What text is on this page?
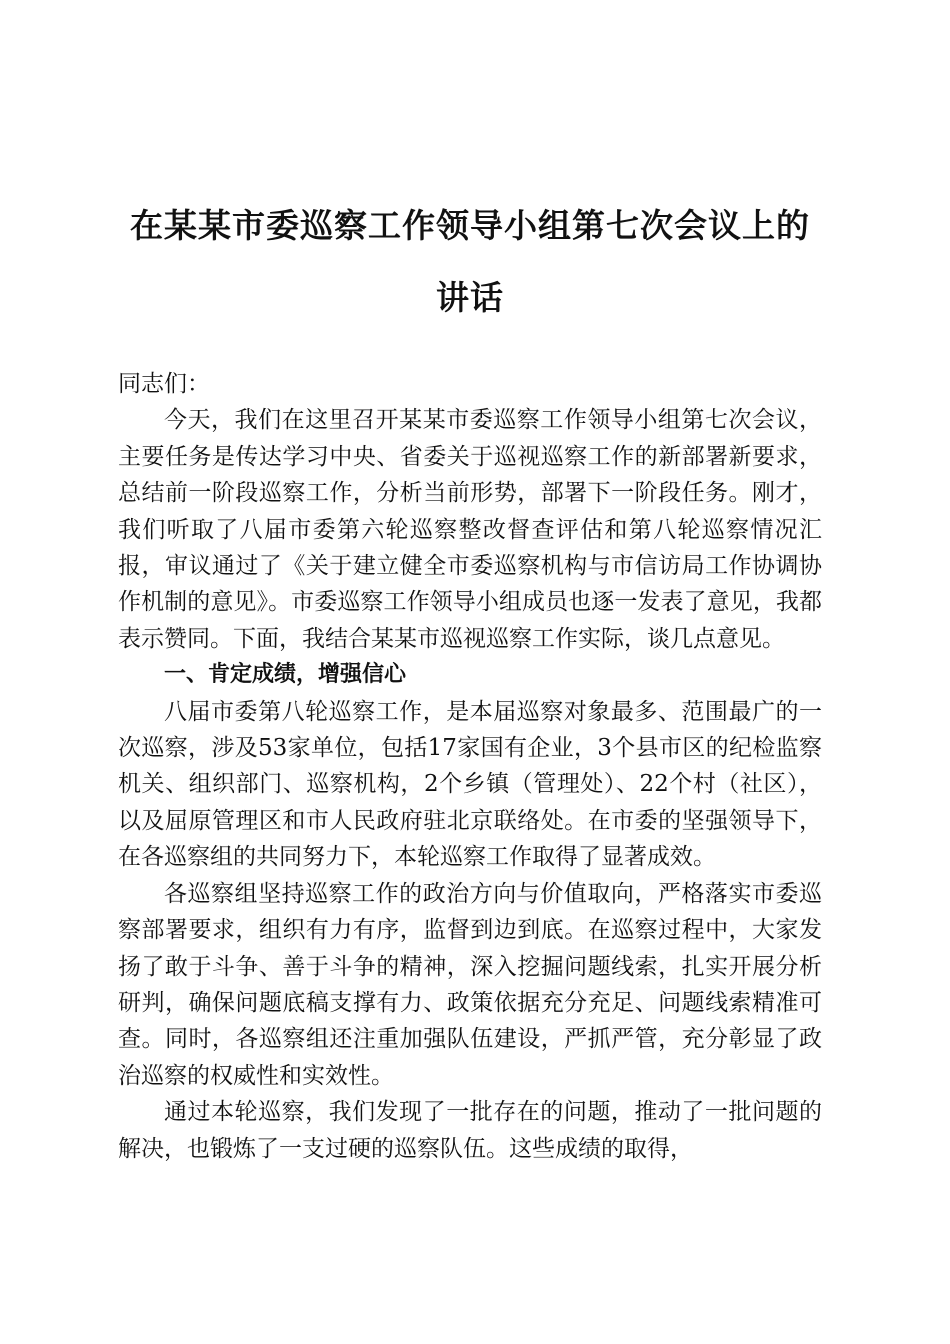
在某某市委巡察工作领导小组第七次会议上的
讲话

同志们：

今天，我们在这里召开某某市委巡察工作领导小组第七次会议，主要任务是传达学习中央、省委关于巡视巡察工作的新部署新要求，总结前一阶段巡察工作，分析当前形势，部署下一阶段任务。刚才，我们听取了八届市委第六轮巡察整改督查评估和第八轮巡察情况汇报，审议通过了《关于建立健全市委巡察机构与市信访局工作协调协作机制的意见》。市委巡察工作领导小组成员也逐一发表了意见，我都表示赞同。下面，我结合某某市巡视巡察工作实际，谈几点意见。

一、肯定成绩，增强信心

八届市委第八轮巡察工作，是本届巡察对象最多、范围最广的一次巡察，涉及53家单位，包括17家国有企业，3个县市区的纪检监察机关、组织部门、巡察机构，2个乡镇（管理处）、22个村（社区），以及屈原管理区和市人民政府驻北京联络处。在市委的坚强领导下，在各巡察组的共同努力下，本轮巡察工作取得了显著成效。

各巡察组坚持巡察工作的政治方向与价值取向，严格落实市委巡察部署要求，组织有力有序，监督到边到底。在巡察过程中，大家发扬了敢于斗争、善于斗争的精神，深入挖掘问题线索，扎实开展分析研判，确保问题底稿支撑有力、政策依据充分充足、问题线索精准可查。同时，各巡察组还注重加强队伍建设，严抓严管，充分彰显了政治巡察的权威性和实效性。

通过本轮巡察，我们发现了一批存在的问题，推动了一批问题的解决，也锻炼了一支过硬的巡察队伍。这些成绩的取得，
